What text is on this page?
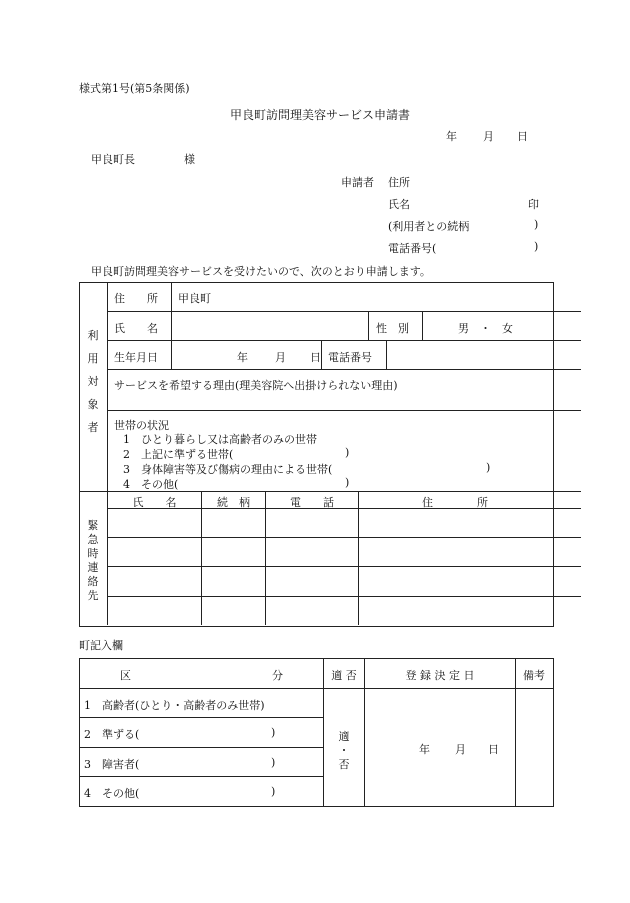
様式第1号(第5条関係)
甲良町訪問理美容サービス申請書
年 月 日
甲良町長	様
申請者 住所
氏名	印
(利用者との続柄	)
電話番号(	)
甲良町訪問理美容サービスを受けたいので、次のとおり申請します。
利
用
対
象
者
住　　所 甲良町
氏　　名	性　別	男　・　女
生年月日	年 月 日 電話番号
サービスを希望する理由(理美容院へ出掛けられない理由)
世帯の状況
1　ひとり暮らし又は高齢者のみの世帯
2　上記に準ずる世帯(	)
3　身体障害等及び傷病の理由による世帯(	)
4　その他(	)
緊
急
時
連
絡
先
氏　　名	続　柄	電　　話	住　　　　所
町記入欄
区	分	適 否	登 録 決 定 日	備考
1　高齢者(ひとり・高齢者のみ世帯)
2　準ずる(	)
3　障害者(	)
4　その他(	)
適
・
否
年 月 日
